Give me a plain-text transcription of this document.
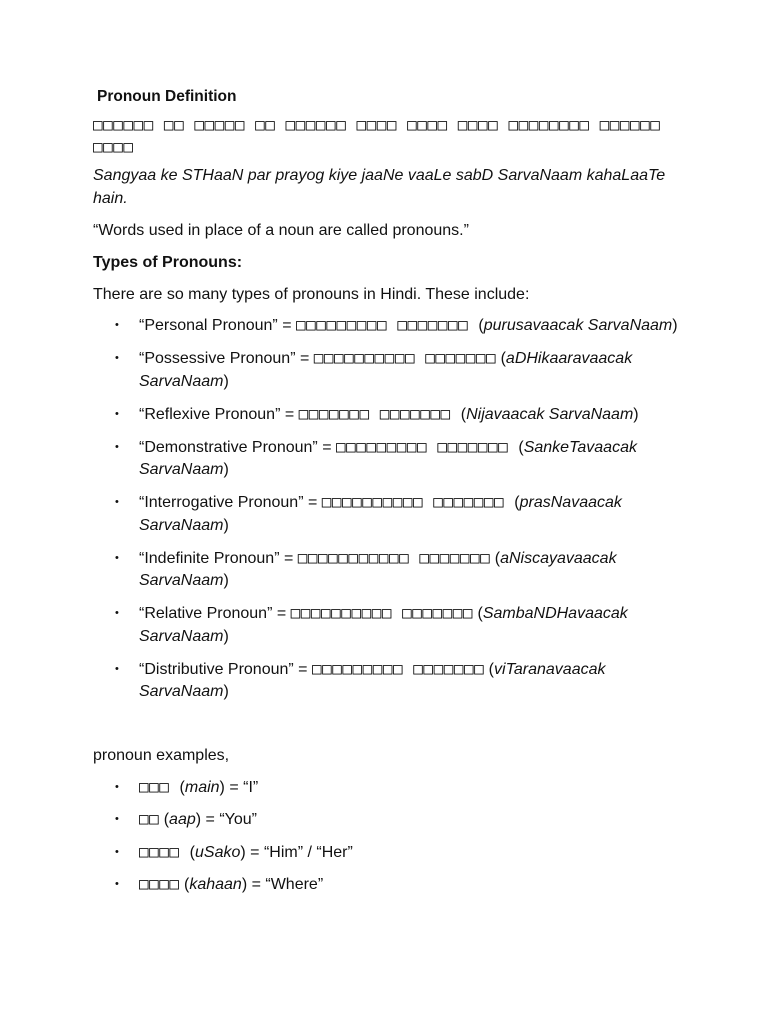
Pronoun Definition
□□□□□□ □□ □□□□□ □□ □□□□□□ □□□□ □□□□ □□□□ □□□□□□□□ □□□□□□ □□□□
Sangyaa ke STHaaN par prayog kiye jaaNe vaaLe sabD SarvaNaam kahaLaaTe hain.
“Words used in place of a noun are called pronouns.”
Types of Pronouns:
There are so many types of pronouns in Hindi. These include:
• “Personal Pronoun” = □□□□□□□□□ □□□□□□□ (purusavaacak SarvaNaam)
• “Possessive Pronoun” = □□□□□□□□□□ □□□□□□□ (aDHikaaravaacak SarvaNaam)
• “Reflexive Pronoun” = □□□□□□□ □□□□□□□ (Nijavaacak SarvaNaam)
• “Demonstrative Pronoun” = □□□□□□□□□ □□□□□□□ (SankeTavaacak SarvaNaam)
• “Interrogative Pronoun” = □□□□□□□□□□ □□□□□□□ (prasNavaacak SarvaNaam)
• “Indefinite Pronoun” = □□□□□□□□□□□ □□□□□□□ (aNiscayavaacak SarvaNaam)
• “Relative Pronoun” = □□□□□□□□□□ □□□□□□□ (SambaNDHavaacak SarvaNaam)
• “Distributive Pronoun” = □□□□□□□□□ □□□□□□□ (viTaranavaacak SarvaNaam)
pronoun examples,
• □□□ (main) = “I”
• □□ (aap) = “You”
• □□□□ (uSako) = “Him” / “Her”
• □□□□ (kahaan) = “Where”
